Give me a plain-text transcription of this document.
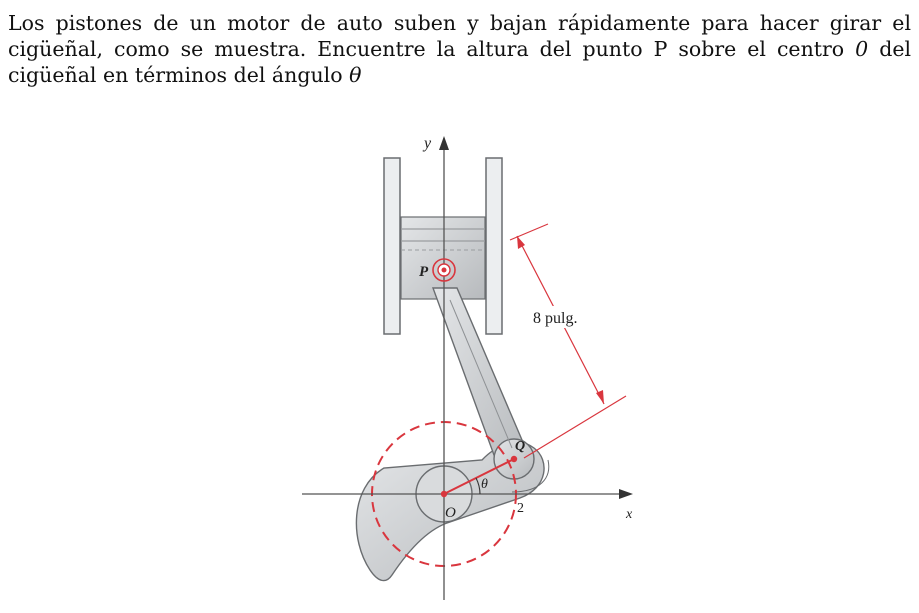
Los pistones de un motor de auto suben y bajan rápidamente para hacer girar el cigüeñal, como se muestra. Encuentre la altura del punto P sobre el centro 0 del cigüeñal en términos del ángulo θ

y
x
P
Q
O
θ
2
8 pulg.
